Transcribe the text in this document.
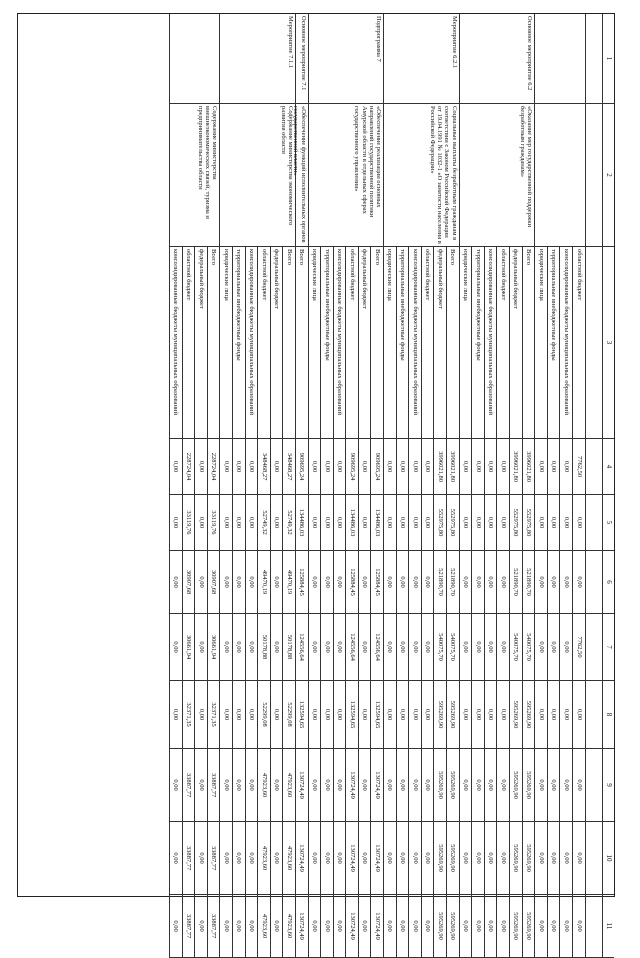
1
2
3
4
5
6
7
8
9
10
11
областной бюджет
7762,50
0,00
0,00
7762,50
0,00
0,00
0,00
0,00
консолидированные бюджеты муниципальных образований
0,00
0,00
0,00
0,00
0,00
0,00
0,00
0,00
территориальные внебюджетные фонды
0,00
0,00
0,00
0,00
0,00
0,00
0,00
0,00
юридические лица
0,00
0,00
0,00
0,00
0,00
0,00
0,00
0,00
Основное мероприятие 6.2
«Оказание мер государственной поддержки безработным гражданам»
Всего
3996021,80
552975,80
521890,70
540075,70
595269,90
595269,90
595269,90
595269,90
федеральный бюджет
3996021,80
552975,80
521890,70
540075,70
595269,90
595269,90
595269,90
595269,90
областной бюджет
0,00
0,00
0,00
0,00
0,00
0,00
0,00
0,00
консолидированные бюджеты муниципальных образований
0,00
0,00
0,00
0,00
0,00
0,00
0,00
0,00
территориальные внебюджетные фонды
0,00
0,00
0,00
0,00
0,00
0,00
0,00
0,00
юридические лица
0,00
0,00
0,00
0,00
0,00
0,00
0,00
0,00
Мероприятие 6.2.1
Социальные выплаты безработным гражданам в соответствии с Законом Российской Федерации от 19.04.1991 № 1032-1 «О занятости населения в Российской Федерации»
Всего
3996021,80
552975,80
521890,70
540075,70
595269,90
595269,90
595269,90
595269,90
федеральный бюджет
3996021,80
552975,80
521890,70
540075,70
595269,90
595269,90
595269,90
595269,90
областной бюджет
0,00
0,00
0,00
0,00
0,00
0,00
0,00
0,00
консолидированные бюджеты муниципальных образований
0,00
0,00
0,00
0,00
0,00
0,00
0,00
0,00
территориальные внебюджетные фонды
0,00
0,00
0,00
0,00
0,00
0,00
0,00
0,00
юридические лица
0,00
0,00
0,00
0,00
0,00
0,00
0,00
0,00
Подпрограмма 7
«Обеспечение реализации основных направлений государственной политики Амурской области в отдельных сферах государственного управления»
Всего
909695,24
134486,03
125884,45
124556,64
132594,65
130724,49
130724,49
130724,49
федеральный бюджет
0,00
0,00
0,00
0,00
0,00
0,00
0,00
0,00
областной бюджет
909695,24
134486,03
125884,45
124556,64
132594,65
130724,49
130724,49
130724,49
консолидированные бюджеты муниципальных образований
0,00
0,00
0,00
0,00
0,00
0,00
0,00
0,00
территориальные внебюджетные фонды
0,00
0,00
0,00
0,00
0,00
0,00
0,00
0,00
юридические лица
0,00
0,00
0,00
0,00
0,00
0,00
0,00
0,00
Основное мероприятие 7.1
«Обеспечение функций исполнительных органов государственной власти»
Всего
909695,24
134486,03
125884,45
124556,64
132594,65
130724,49
130724,49
130724,49
Мероприятие 7.1.1
Содержание министерства экономического развития области
Всего
348468,27
52749,32
49470,19
50178,88
52299,08
47923,60
47923,60
47923,60
федеральный бюджет
0,00
0,00
0,00
0,00
0,00
0,00
0,00
0,00
областной бюджет
348468,27
52749,32
49470,19
50178,88
52299,08
47923,60
47923,60
47923,60
консолидированные бюджеты муниципальных образований
0,00
0,00
0,00
0,00
0,00
0,00
0,00
0,00
территориальные внебюджетные фонды
0,00
0,00
0,00
0,00
0,00
0,00
0,00
0,00
юридические лица
0,00
0,00
0,00
0,00
0,00
0,00
0,00
0,00
Содержание министерства внешнеэкономических связей, туризма и предпринимательства области
Всего
228724,04
33119,76
30907,68
30661,94
32371,35
33887,77
33887,77
33887,77
федеральный бюджет
0,00
0,00
0,00
0,00
0,00
0,00
0,00
0,00
областной бюджет
228724,04
33119,76
30907,68
30661,94
32371,35
33887,77
33887,77
33887,77
консолидированные бюджеты муниципальных образований
0,00
0,00
0,00
0,00
0,00
0,00
0,00
0,00
